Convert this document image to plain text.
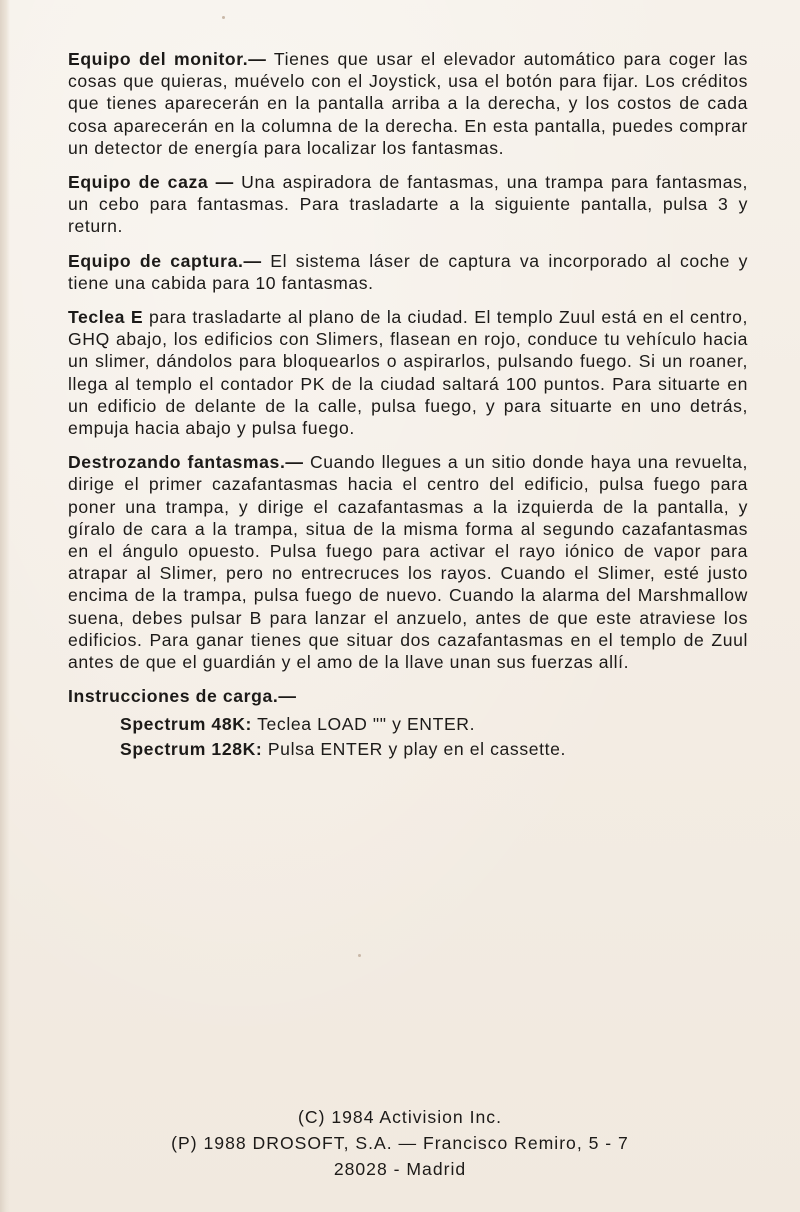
Equipo del monitor.— Tienes que usar el elevador automático para coger las cosas que quieras, muévelo con el Joystick, usa el botón para fijar. Los créditos que tienes aparecerán en la pantalla arriba a la derecha, y los costos de cada cosa aparecerán en la columna de la derecha. En esta pantalla, puedes comprar un detector de energía para localizar los fantasmas.

Equipo de caza — Una aspiradora de fantasmas, una trampa para fantasmas, un cebo para fantasmas. Para trasladarte a la siguiente pantalla, pulsa 3 y return.

Equipo de captura.— El sistema láser de captura va incorporado al coche y tiene una cabida para 10 fantasmas.

Teclea E para trasladarte al plano de la ciudad. El templo Zuul está en el centro, GHQ abajo, los edificios con Slimers, flasean en rojo, conduce tu vehículo hacia un slimer, dándolos para bloquearlos o aspirarlos, pulsando fuego. Si un roaner, llega al templo el contador PK de la ciudad saltará 100 puntos. Para situarte en un edificio de delante de la calle, pulsa fuego, y para situarte en uno detrás, empuja hacia abajo y pulsa fuego.

Destrozando fantasmas.— Cuando llegues a un sitio donde haya una revuelta, dirige el primer cazafantasmas hacia el centro del edificio, pulsa fuego para poner una trampa, y dirige el cazafantasmas a la izquierda de la pantalla, y gíralo de cara a la trampa, situa de la misma forma al segundo cazafantasmas en el ángulo opuesto. Pulsa fuego para activar el rayo iónico de vapor para atrapar al Slimer, pero no entrecruces los rayos. Cuando el Slimer, esté justo encima de la trampa, pulsa fuego de nuevo. Cuando la alarma del Marshmallow suena, debes pulsar B para lanzar el anzuelo, antes de que este atraviese los edificios. Para ganar tienes que situar dos cazafantasmas en el templo de Zuul antes de que el guardián y el amo de la llave unan sus fuerzas allí.

Instrucciones de carga.—

Spectrum 48K: Teclea LOAD "" y ENTER.

Spectrum 128K: Pulsa ENTER y play en el cassette.

(C) 1984 Activision Inc.
(P) 1988 DROSOFT, S.A. — Francisco Remiro, 5 - 7
28028 - Madrid
